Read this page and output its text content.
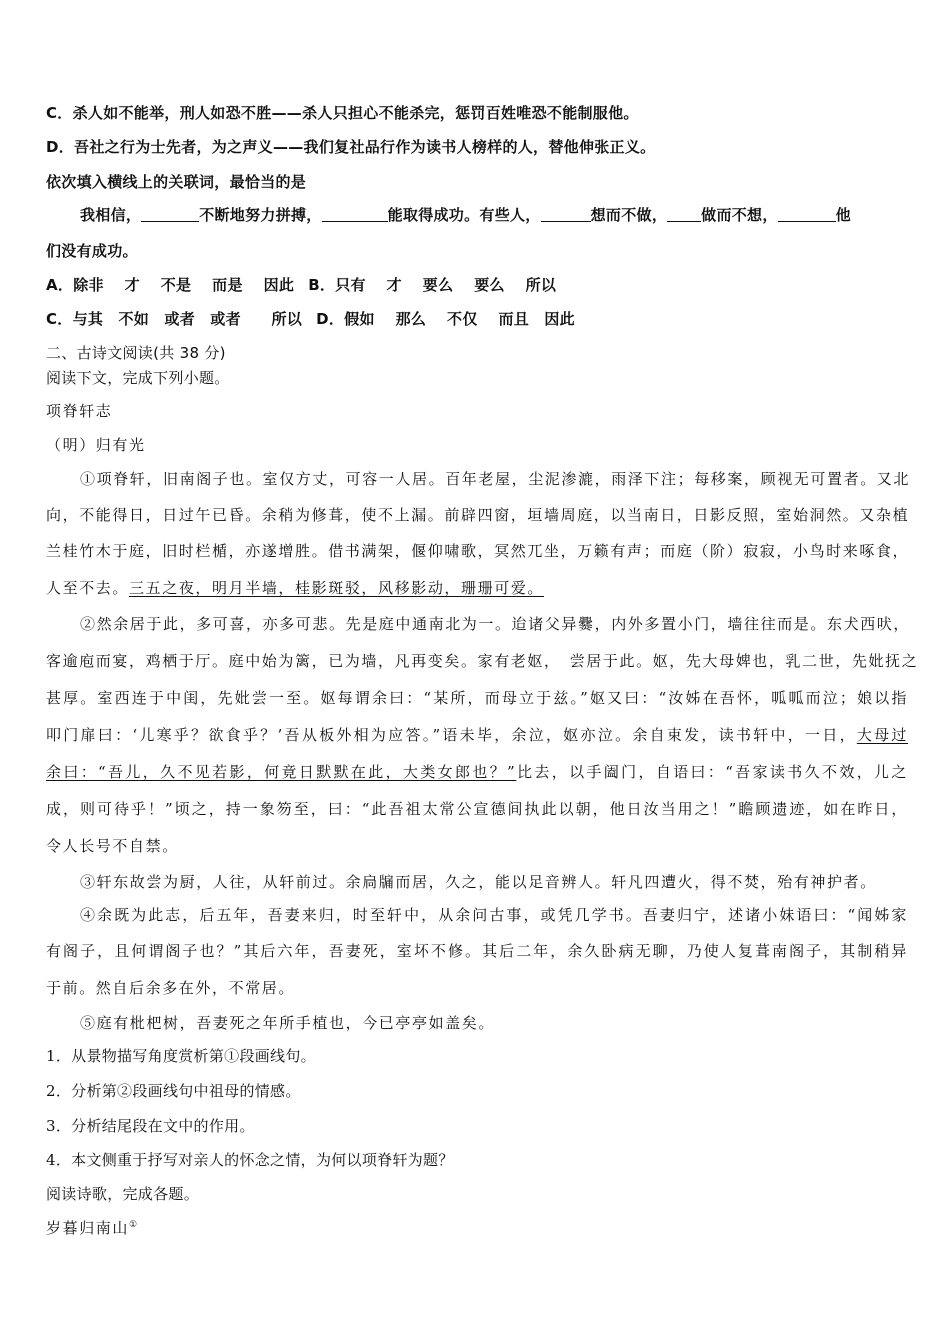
C．杀人如不能举，刑人如恐不胜——杀人只担心不能杀完，惩罚百姓唯恐不能制服他。
D．吾社之行为士先者，为之声义——我们复社品行作为读书人榜样的人，替他伸张正义。
依次填入横线上的关联词，最恰当的是
我相信，	不断地努力拼搏，	能取得成功。有些人，	想而不做， 做而不想，	他
们没有成功。
A．除非　 才　 不是　 而是　 因此 B．只有　 才　 要么　 要么　 所以
C．与其　不如　或者　或者　　所以 D．假如　 那么　 不仅　 而且　因此
二、古诗文阅读(共 38 分)
阅读下文，完成下列小题。
项脊轩志
（明）归有光
①项脊轩，旧南阁子也。室仅方丈，可容一人居。百年老屋，尘泥渗漉，雨泽下注；每移案，顾视无可置者。又北
向，不能得日，日过午已昏。余稍为修葺，使不上漏。前辟四窗，垣墙周庭，以当南日，日影反照，室始洞然。又杂植
兰桂竹木于庭，旧时栏楯，亦遂增胜。借书满架，偃仰啸歌，冥然兀坐，万籁有声；而庭（阶）寂寂，小鸟时来啄食，
人至不去。三五之夜，明月半墙，桂影斑驳，风移影动，珊珊可爱。
②然余居于此，多可喜，亦多可悲。先是庭中通南北为一。迨诸父异爨，内外多置小门，墙往往而是。东犬西吠，
客逾庖而宴，鸡栖于厅。庭中始为篱，已为墙，凡再变矣。家有老妪，　尝居于此。妪，先大母婢也，乳二世，先妣抚之
甚厚。室西连于中闺，先妣尝一至。妪每谓余曰：“某所，而母立于兹。”妪又曰：“汝姊在吾怀，呱呱而泣；娘以指
叩门扉曰：‘儿寒乎？欲食乎？’吾从板外相为应答。”语未毕，余泣，妪亦泣。余自束发，读书轩中，一日，大母过
余曰：“吾儿，久不见若影，何竟日默默在此，大类女郎也？”比去，以手阖门，自语曰：“吾家读书久不效，儿之
成，则可待乎！”顷之，持一象笏至，曰：“此吾祖太常公宣德间执此以朝，他日汝当用之！”瞻顾遗迹，如在昨日，
令人长号不自禁。
③轩东故尝为厨，人往，从轩前过。余扃牖而居，久之，能以足音辨人。轩凡四遭火，得不焚，殆有神护者。
④余既为此志，后五年，吾妻来归，时至轩中，从余问古事，或凭几学书。吾妻归宁，述诸小妹语曰：“闻姊家
有阁子，且何谓阁子也？”其后六年，吾妻死，室坏不修。其后二年，余久卧病无聊，乃使人复葺南阁子，其制稍异
于前。然自后余多在外，不常居。
⑤庭有枇杷树，吾妻死之年所手植也，今已亭亭如盖矣。
1．从景物描写角度赏析第①段画线句。
2．分析第②段画线句中祖母的情感。
3．分析结尾段在文中的作用。
4．本文侧重于抒写对亲人的怀念之情，为何以项脊轩为题？
阅读诗歌，完成各题。
岁暮归南山①
